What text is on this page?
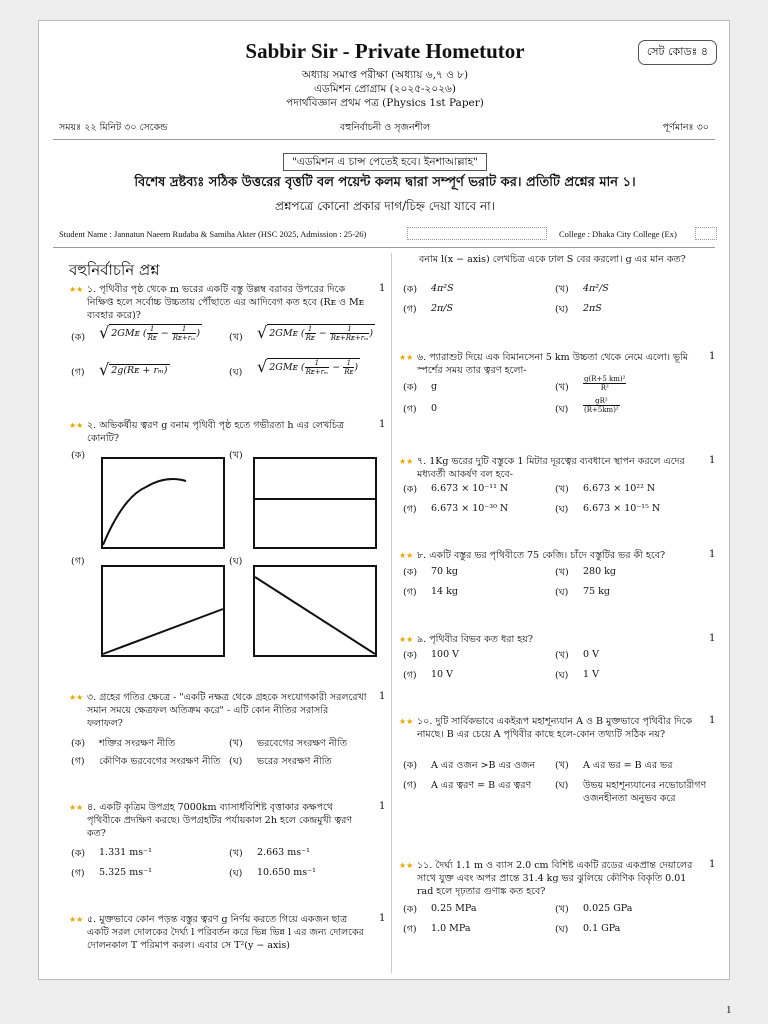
Sabbir Sir - Private Hometutor	সেট কোডঃ ৪
অধ্যায় সমাপ্ত পরীক্ষা (অধ্যায় ৬,৭ ও ৮)
এডমিশন প্রোগ্রাম (২০২৫-২০২৬)
পদার্থবিজ্ঞান প্রথম পত্র (Physics 1st Paper)
সময়ঃ ২২ মিনিট ৩০ সেকেন্ড	বহুনির্বাচনী ও সৃজনশীল	পূর্ণমানঃ ৩০
"এডমিশন এ চান্স পেতেই হবে। ইনশাআল্লাহ"
বিশেষ দ্রষ্টব্যঃ সঠিক উত্তরের বৃত্তটি বল পয়েন্ট কলম দ্বারা সম্পূর্ণ ভরাট কর। প্রতিটি প্রশ্নের মান ১।
প্রশ্নপত্রে কোনো প্রকার দাগ/চিহ্ন দেয়া যাবে না।
Student Name : Jannatun Naeem Rudaba & Samiha Akter (HSC 2025, Admission : 25-26)	College : Dhaka City College (Ex)
বহুনির্বাচনি প্রশ্ন
★★ ১. পৃথিবীর পৃষ্ঠ থেকে m ভরের একটি বস্তু উল্লম্ব বরাবর উপরের দিকে নিক্ষিপ্ত হলে সর্বোচ্চ উচ্চতায় পৌঁছাতে এর আদিবেগ কত হবে (Rᴇ ও Mᴇ ব্যবহার করে)?
1
(ক) √ 2GMᴇ ( $\frac{1}{\text{Rᴇ}} - \frac{1}{\text{Rᴇ+rₘ}}$ )	(খ) √ 2GMᴇ ( $\frac{1}{\text{Rᴇ}} - \frac{1}{\text{Rᴇ+Rᴇ+rₘ}}$ )
(গ) √ 2g(Rᴇ + rₘ)	(ঘ) √ 2GMᴇ ( $\frac{1}{\text{Rᴇ+rₘ}} - \frac{1}{\text{Rᴇ}}$ )
★★ ২. অভিকর্ষীয় ত্বরণ g বনাম পৃথিবী পৃষ্ঠ হতে গভীরতা h এর লেখচিত্র কোনটি?
1
(ক)	(খ)
(গ)	(ঘ)
★★ ৩. গ্রহের গতির ক্ষেত্রে - "একটি নক্ষত্র থেকে গ্রহকে সংযোগকারী সরলরেখা সমান সময়ে ক্ষেত্রফল অতিক্রম করে" - এটি কোন নীতির সরাসরি ফলাফল?
1
(ক) শক্তির সংরক্ষণ নীতি	(খ) ভরবেগের সংরক্ষণ নীতি
(গ) কৌণিক ভরবেগের সংরক্ষণ নীতি (ঘ) ভরের সংরক্ষণ নীতি
★★ ৪. একটি কৃত্রিম উপগ্রহ 7000km ব্যাসার্ধবিশিষ্ট বৃত্তাকার কক্ষপথে পৃথিবীকে প্রদক্ষিণ করছে। উপগ্রহটির পর্যায়কাল 2h হলে কেন্দ্রমুখী ত্বরণ কত?
1
(ক) 1.331 ms⁻¹	(খ) 2.663 ms⁻¹
(গ) 5.325 ms⁻¹	(ঘ) 10.650 ms⁻¹
★★ ৫. মুক্তভাবে কোন পড়ন্ত বস্তুর ত্বরণ g নির্ণয় করতে গিয়ে একজন ছাত্র একটি সরল দোলকের দৈর্ঘ্য l পরিবর্তন করে ভিন্ন ভিন্ন l এর জন্য দোলকের দোলনকাল T পরিমাপ করল। এবার সে T²(y − axis)
1
বনাম l(x − axis) লেখচিত্র একে ঢাল S বের করলো। g এর মান কত?
(ক) 4π²S	(খ) 4π²/S
(গ) 2π/S	(ঘ) 2πS
★★ ৬. প্যারাশুট দিয়ে এক বিমানসেনা 5 km উচ্চতা থেকে নেমে এলো। ভূমি স্পর্শের সময় তার ত্বরণ হলো-
1
(ক) g	(খ) $\frac{\text{g(R+5 km)²}}{\text{R²}}$
(গ) 0	(ঘ) $\frac{\text{gR²}}{\text{(R+5km)²}}$
★★ ৭. 1Kg ভরের দুটি বস্তুকে 1 মিটার দূরত্বের ব্যবধানে স্থাপন করলে এদের মধ্যবর্তী আকর্ষণ বল হবে-
1
(ক) 6.673 × 10⁻¹¹ N	(খ) 6.673 × 10²² N
(গ) 6.673 × 10⁻³⁰ N	(ঘ) 6.673 × 10⁻¹⁵ N
★★ ৮. একটি বস্তুর ভর পৃথিবীতে 75 কেজি। চাঁদে বস্তুটির ভর কী হবে?	1
(ক) 70 kg	(খ) 280 kg
(গ) 14 kg	(ঘ) 75 kg
★★ ৯. পৃথিবীর বিভব কত ধরা হয়?	1
(ক) 100 V	(খ) 0 V
(গ) 10 V	(ঘ) 1 V
★★ ১০. দুটি সার্বিকভাবে একইরূপ মহাশূন্যযান A ও B মুক্তভাবে পৃথিবীর দিকে নামছে। B এর চেয়ে A পৃথিবীর কাছে হলে-কোন তথ্যটি সঠিক নয়?
1
(ক) A এর ওজন >B এর ওজন (খ) A এর ভর = B এর ভর
(গ) A এর ত্বরণ = B এর ত্বরণ (ঘ) উভয় মহাশূন্যযানের নভোচারীগণ ওজনহীনতা অনুভব করে
★★ ১১. দৈর্ঘ্য 1.1 m ও ব্যাস 2.0 cm বিশিষ্ট একটি রডের একপ্রান্ত দেয়ালের সাথে যুক্ত এবং অপর প্রান্তে 31.4 kg ভর ঝুলিয়ে কৌণিক বিকৃতি 0.01 rad হলে দৃঢ়তার গুণাঙ্ক কত হবে?
1
(ক) 0.25 MPa	(খ) 0.025 GPa
(গ) 1.0 MPa	(ঘ) 0.1 GPa
1
